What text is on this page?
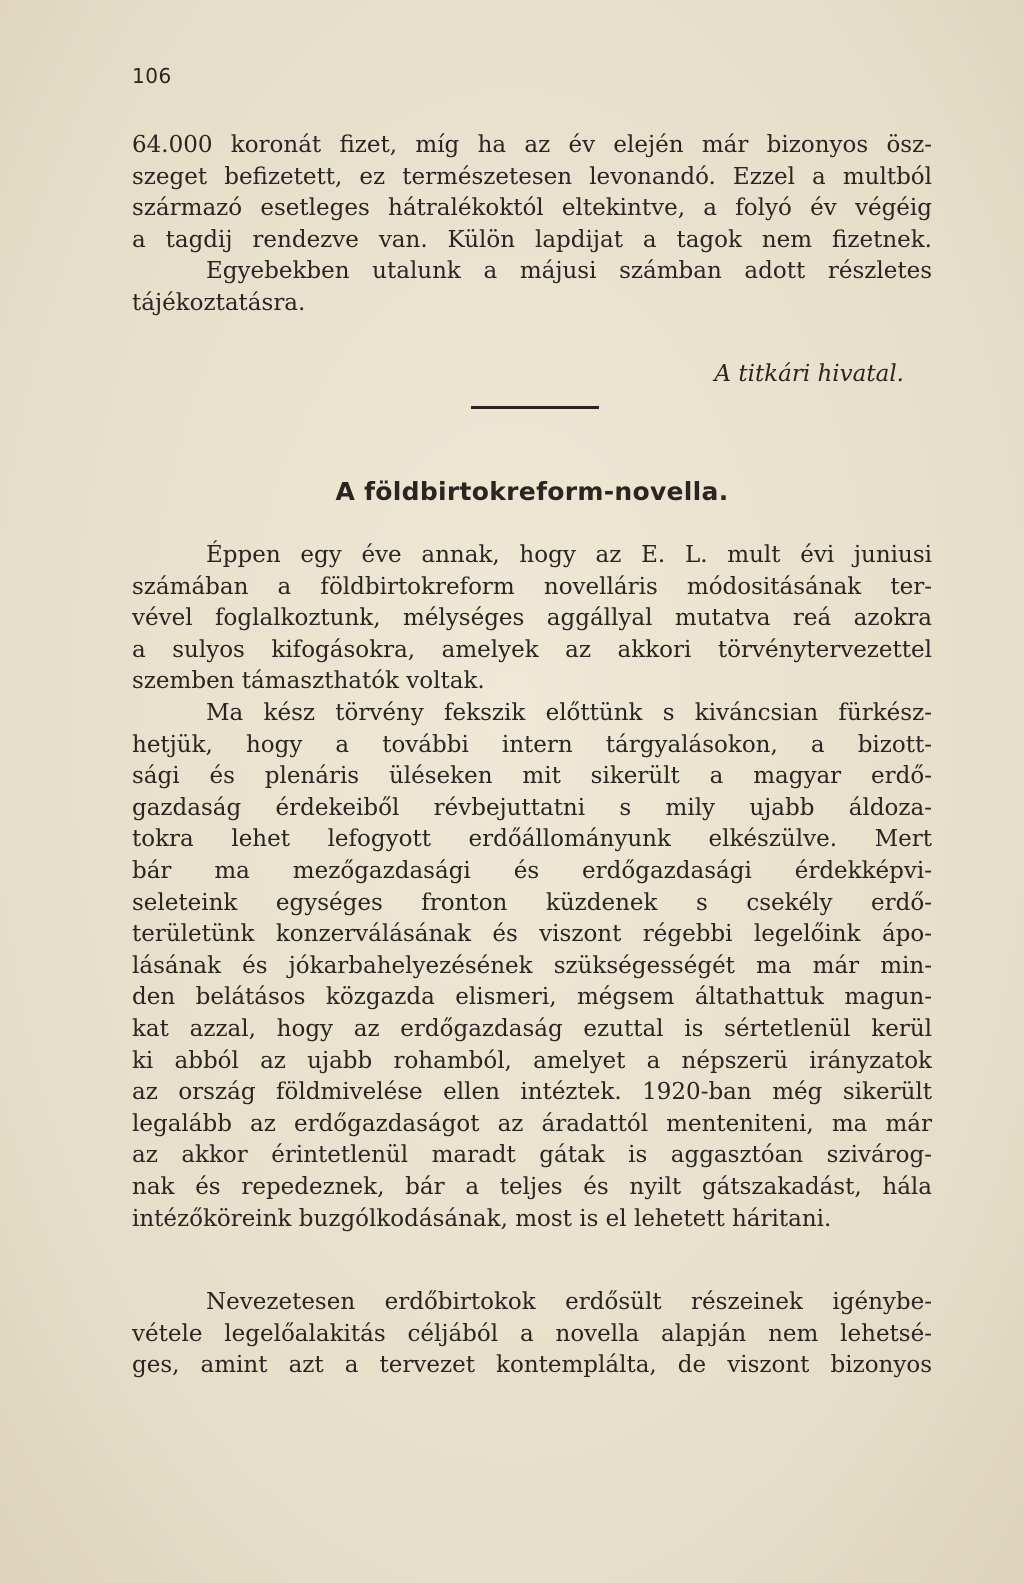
106

64.000 koronát fizet, míg ha az év elején már bizonyos ösz-
szeget befizetett, ez természetesen levonandó. Ezzel a multból
származó esetleges hátralékoktól eltekintve, a folyó év végéig
a tagdij rendezve van. Külön lapdijat a tagok nem fizetnek.
Egyebekben utalunk a májusi számban adott részletes
tájékoztatásra.

A titkári hivatal.
A földbirtokreform-novella.

Éppen egy éve annak, hogy az E. L. mult évi juniusi
számában a földbirtokreform novelláris módositásának ter-
vével foglalkoztunk, mélységes aggállyal mutatva reá azokra
a sulyos kifogásokra, amelyek az akkori törvénytervezettel
szemben támaszthatók voltak.

Ma kész törvény fekszik előttünk s kiváncsian fürkész-
hetjük, hogy a további intern tárgyalásokon, a bizott-
sági és plenáris üléseken mit sikerült a magyar erdő-
gazdaság érdekeiből révbejuttatni s mily ujabb áldoza-
tokra lehet lefogyott erdőállományunk elkészülve. Mert
bár ma mezőgazdasági és erdőgazdasági érdekképvi-
seleteink egységes fronton küzdenek s csekély erdő-
területünk konzerválásának és viszont régebbi legelőink ápo-
lásának és jókarbahelyezésének szükségességét ma már min-
den belátásos közgazda elismeri, mégsem áltathattuk magun-
kat azzal, hogy az erdőgazdaság ezuttal is sértetlenül kerül
ki abból az ujabb rohamból, amelyet a népszerü irányzatok
az ország földmivelése ellen intéztek. 1920-ban még sikerült
legalább az erdőgazdaságot az áradattól menteniteni, ma már
az akkor érintetlenül maradt gátak is aggasztóan szivárog-
nak és repedeznek, bár a teljes és nyilt gátszakadást, hála
intézőköreink buzgólkodásának, most is el lehetett háritani.

Nevezetesen erdőbirtokok erdősült részeinek igénybe-
vétele legelőalakitás céljából a novella alapján nem lehetsé-
ges, amint azt a tervezet kontemplálta, de viszont bizonyos
